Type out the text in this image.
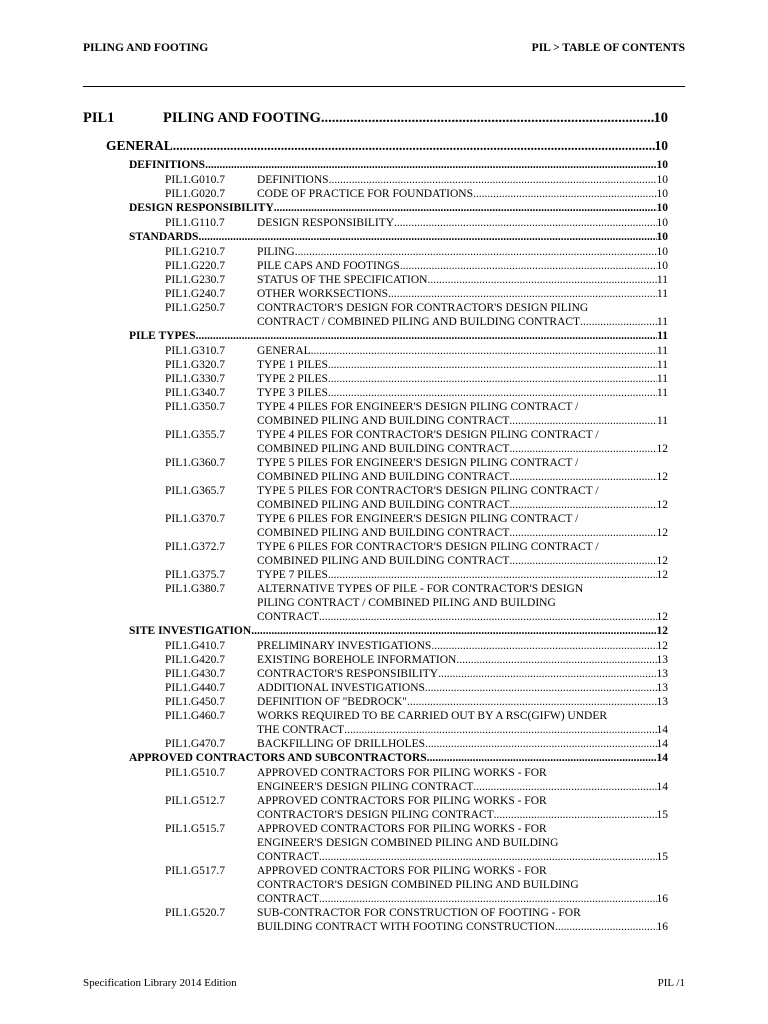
PILING AND FOOTING	PIL > TABLE OF CONTENTS
PIL1	PILING AND FOOTING .....	10
GENERAL .....	10
DEFINITIONS .....	10
PIL1.G010.7	DEFINITIONS .....	10
PIL1.G020.7	CODE OF PRACTICE FOR FOUNDATIONS .....	10
DESIGN RESPONSIBILITY .....	10
PIL1.G110.7	DESIGN RESPONSIBILITY .....	10
STANDARDS .....	10
PIL1.G210.7	PILING .....	10
PIL1.G220.7	PILE CAPS AND FOOTINGS .....	10
PIL1.G230.7	STATUS OF THE SPECIFICATION .....	11
PIL1.G240.7	OTHER WORKSECTIONS .....	11
PIL1.G250.7	CONTRACTOR'S DESIGN FOR CONTRACTOR'S DESIGN PILING
CONTRACT / COMBINED PILING AND BUILDING CONTRACT .....	11
PILE TYPES .....	11
PIL1.G310.7	GENERAL .....	11
PIL1.G320.7	TYPE 1 PILES .....	11
PIL1.G330.7	TYPE 2 PILES .....	11
PIL1.G340.7	TYPE 3 PILES .....	11
PIL1.G350.7	TYPE 4 PILES FOR ENGINEER'S DESIGN PILING CONTRACT /
COMBINED PILING AND BUILDING CONTRACT .....	11
PIL1.G355.7	TYPE 4 PILES FOR CONTRACTOR'S DESIGN PILING CONTRACT /
COMBINED PILING AND BUILDING CONTRACT .....	12
PIL1.G360.7	TYPE 5 PILES FOR ENGINEER'S DESIGN PILING CONTRACT /
COMBINED PILING AND BUILDING CONTRACT .....	12
PIL1.G365.7	TYPE 5 PILES FOR CONTRACTOR'S DESIGN PILING CONTRACT /
COMBINED PILING AND BUILDING CONTRACT .....	12
PIL1.G370.7	TYPE 6 PILES FOR ENGINEER'S DESIGN PILING CONTRACT /
COMBINED PILING AND BUILDING CONTRACT .....	12
PIL1.G372.7	TYPE 6 PILES FOR CONTRACTOR'S DESIGN PILING CONTRACT /
COMBINED PILING AND BUILDING CONTRACT .....	12
PIL1.G375.7	TYPE 7 PILES .....	12
PIL1.G380.7	ALTERNATIVE TYPES OF PILE - FOR CONTRACTOR'S DESIGN
PILING CONTRACT / COMBINED PILING AND BUILDING
CONTRACT .....	12
SITE INVESTIGATION .....	12
PIL1.G410.7	PRELIMINARY INVESTIGATIONS .....	12
PIL1.G420.7	EXISTING BOREHOLE INFORMATION .....	13
PIL1.G430.7	CONTRACTOR'S RESPONSIBILITY .....	13
PIL1.G440.7	ADDITIONAL INVESTIGATIONS .....	13
PIL1.G450.7	DEFINITION OF "BEDROCK" .....	13
PIL1.G460.7	WORKS REQUIRED TO BE CARRIED OUT BY A RSC(GIFW) UNDER
THE CONTRACT .....	14
PIL1.G470.7	BACKFILLING OF DRILLHOLES .....	14
APPROVED CONTRACTORS AND SUBCONTRACTORS .....	14
PIL1.G510.7	APPROVED CONTRACTORS FOR PILING WORKS - FOR
ENGINEER'S DESIGN PILING CONTRACT .....	14
PIL1.G512.7	APPROVED CONTRACTORS FOR PILING WORKS - FOR
CONTRACTOR'S DESIGN PILING CONTRACT .....	15
PIL1.G515.7	APPROVED CONTRACTORS FOR PILING WORKS - FOR
ENGINEER'S DESIGN COMBINED PILING AND BUILDING
CONTRACT .....	15
PIL1.G517.7	APPROVED CONTRACTORS FOR PILING WORKS - FOR
CONTRACTOR'S DESIGN COMBINED PILING AND BUILDING
CONTRACT .....	16
PIL1.G520.7	SUB-CONTRACTOR FOR CONSTRUCTION OF FOOTING - FOR
BUILDING CONTRACT WITH FOOTING CONSTRUCTION .....	16
Specification Library 2014 Edition	PIL /1
